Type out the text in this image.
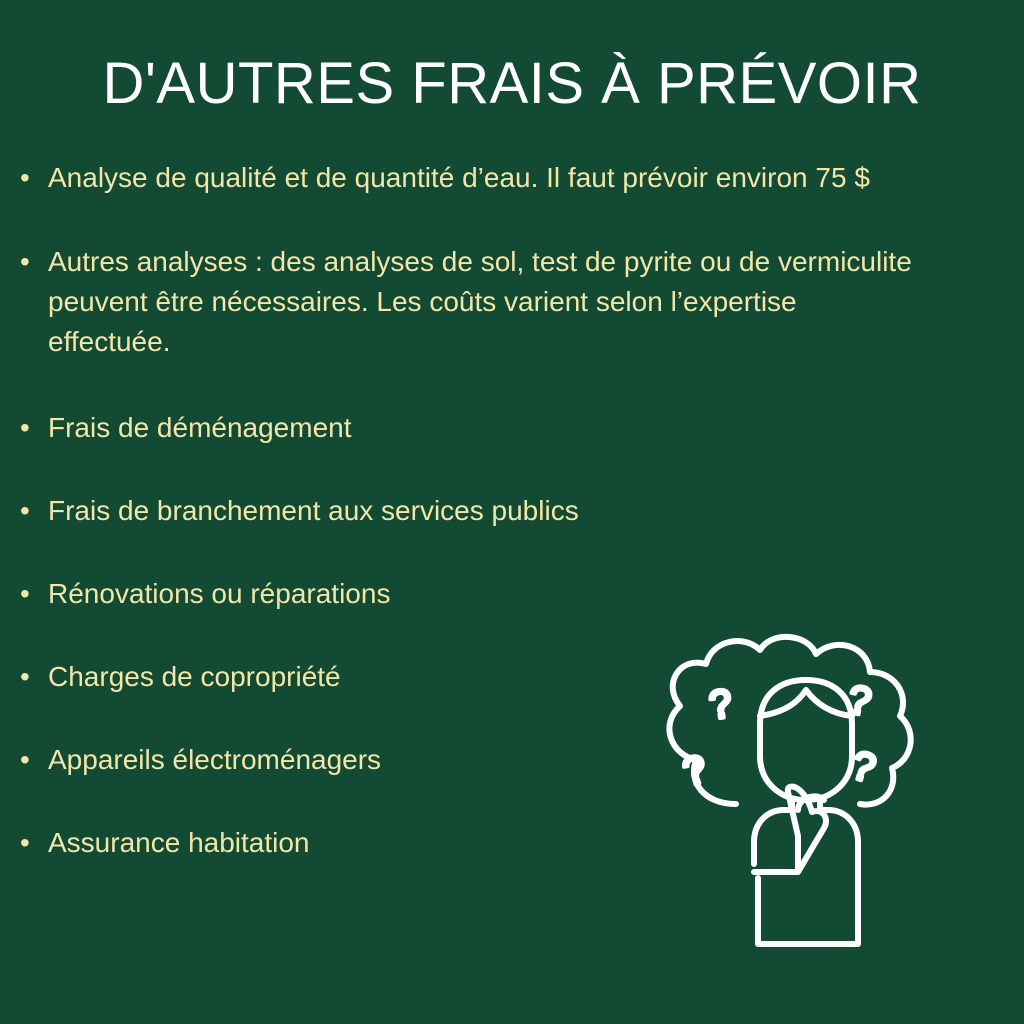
D'AUTRES FRAIS À PRÉVOIR
• Analyse de qualité et de quantité d’eau. Il faut prévoir environ 75 $
• Autres analyses : des analyses de sol, test de pyrite ou de vermiculite peuvent être nécessaires. Les coûts varient selon l’expertise effectuée.
• Frais de déménagement
• Frais de branchement aux services publics
• Rénovations ou réparations
• Charges de copropriété
• Appareils électroménagers
• Assurance habitation
?
?
?
?
